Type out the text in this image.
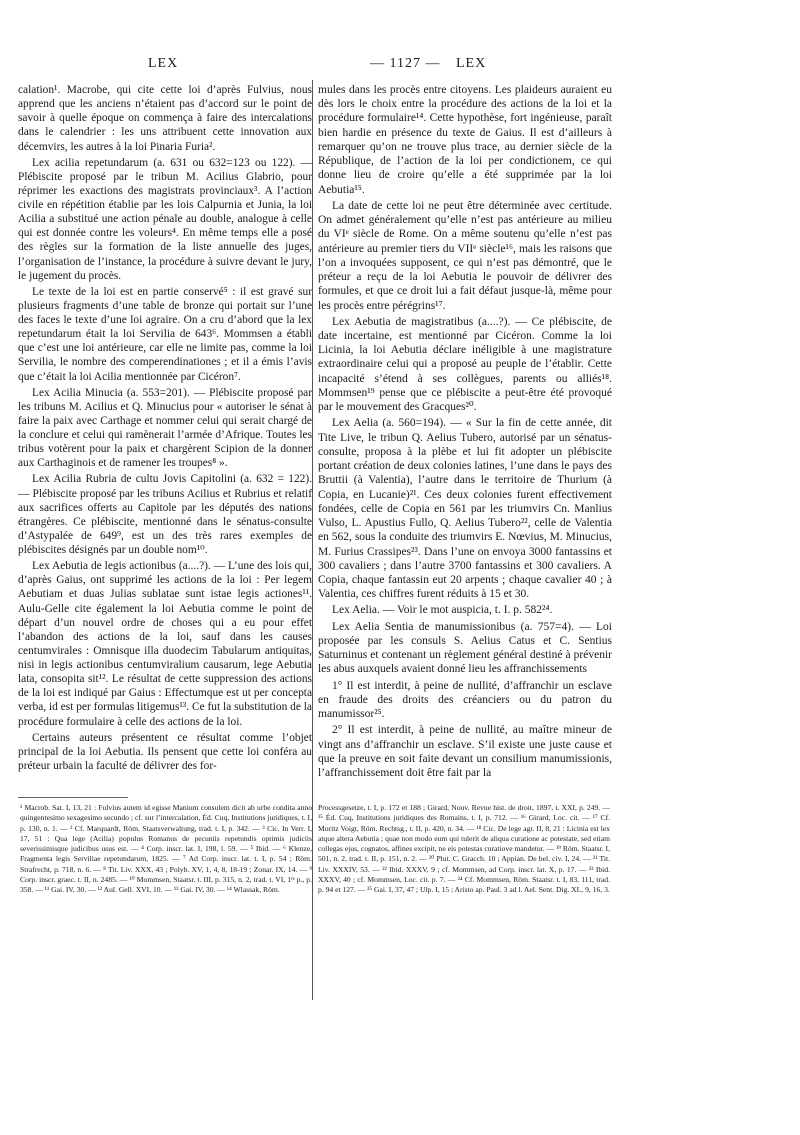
LEX	— 1127 — LEX

calation¹. Macrobe, qui cite cette loi d’après Fulvius, nous apprend que les anciens n’étaient pas d’accord sur le point de savoir à quelle époque on commença à faire des intercalations dans le calendrier : les uns attribuent cette innovation aux décemvirs, les autres à la loi Pinaria Furia².

Lex acilia repetundarum (a. 631 ou 632=123 ou 122). — Plébiscite proposé par le tribun M. Acilius Glabrio, pour réprimer les exactions des magistrats provinciaux³. A l’action civile en répétition établie par les lois Calpurnia et Junia, la loi Acilia a substitué une action pénale au double, analogue à celle qui est donnée contre les voleurs⁴. En même temps elle a posé des règles sur la formation de la liste annuelle des juges, l’organisation de l’instance, la procédure à suivre devant le jury, le jugement du procès.

Le texte de la loi est en partie conservé⁵ : il est gravé sur plusieurs fragments d’une table de bronze qui portait sur l’une des faces le texte d’une loi agraire. On a cru d’abord que la lex repetundarum était la loi Servilia de 643⁶. Mommsen a établi que c’est une loi antérieure, car elle ne limite pas, comme la loi Servilia, le nombre des comperendinationes ; et il a émis l’avis que c’était la loi Acilia mentionnée par Cicéron⁷.

Lex Acilia Minucia (a. 553=201). — Plébiscite proposé par les tribuns M. Acilius et Q. Minucius pour « autoriser le sénat à faire la paix avec Carthage et nommer celui qui serait chargé de la conclure et celui qui ramènerait l’armée d’Afrique. Toutes les tribus votèrent pour la paix et chargèrent Scipion de la donner aux Carthaginois et de ramener les troupes⁸ ».

Lex Acilia Rubria de cultu Jovis Capitolini (a. 632 = 122). — Plébiscite proposé par les tribuns Acilius et Rubrius et relatif aux sacrifices offerts au Capitole par les députés des nations étrangères. Ce plébiscite, mentionné dans le sénatus-consulte d’Astypalée de 649⁹, est un des très rares exemples de plébiscites désignés par un double nom¹⁰.

Lex Aebutia de legis actionibus (a....?). — L’une des lois qui, d’après Gaius, ont supprimé les actions de la loi : Per legem Aebutiam et duas Julias sublatae sunt istae legis actiones¹¹. Aulu-Gelle cite également la loi Aebutia comme le point de départ d’un nouvel ordre de choses qui a eu pour effet l’abandon des actions de la loi, sauf dans les causes centumvirales : Omnisque illa duodecim Tabularum antiquitas, nisi in legis actionibus centumviralium causarum, lege Aebutia lata, consopita sit¹². Le résultat de cette suppression des actions de la loi est indiqué par Gaius : Effectumque est ut per concepta verba, id est per formulas litigemus¹³. Ce fut la substitution de la procédure formulaire à celle des actions de la loi.

Certains auteurs présentent ce résultat comme l’objet principal de la loi Aebutia. Ils pensent que cette loi conféra au préteur urbain la faculté de délivrer des for-

mules dans les procès entre citoyens. Les plaideurs auraient eu dès lors le choix entre la procédure des actions de la loi et la procédure formulaire¹⁴. Cette hypothèse, fort ingénieuse, paraît bien hardie en présence du texte de Gaius. Il est d’ailleurs à remarquer qu’on ne trouve plus trace, au dernier siècle de la République, de l’action de la loi per condictionem, ce qui donne lieu de croire qu’elle a été supprimée par la loi Aebutia¹⁵.

La date de cette loi ne peut être déterminée avec certitude. On admet généralement qu’elle n’est pas antérieure au milieu du VIᵉ siècle de Rome. On a même soutenu qu’elle n’est pas antérieure au premier tiers du VIIᵉ siècle¹⁶, mais les raisons que l’on a invoquées supposent, ce qui n’est pas démontré, que le préteur a reçu de la loi Aebutia le pouvoir de délivrer des formules, et que ce droit lui a fait défaut jusque-là, même pour les procès entre pérégrins¹⁷.

Lex Aebutia de magistratibus (a....?). — Ce plébiscite, de date incertaine, est mentionné par Cicéron. Comme la loi Licinia, la loi Aebutia déclare inéligible à une magistrature extraordinaire celui qui a proposé au peuple de l’établir. Cette incapacité s’étend à ses collègues, parents ou alliés¹⁸. Mommsen¹⁹ pense que ce plébiscite a peut-être été provoqué par le mouvement des Gracques²⁰.

Lex Aelia (a. 560=194). — « Sur la fin de cette année, dit Tite Live, le tribun Q. Aelius Tubero, autorisé par un sénatus-consulte, proposa à la plèbe et lui fit adopter un plébiscite portant création de deux colonies latines, l’une dans le pays des Bruttii (à Valentia), l’autre dans le territoire de Thurium (à Copia, en Lucanie)²¹. Ces deux colonies furent effectivement fondées, celle de Copia en 561 par les triumvirs Cn. Manlius Vulso, L. Apustius Fullo, Q. Aelius Tubero²², celle de Valentia en 562, sous la conduite des triumvirs E. Nœvius, M. Minucius, M. Furius Crassipes²³. Dans l’une on envoya 3000 fantassins et 300 cavaliers ; dans l’autre 3700 fantassins et 300 cavaliers. A Copia, chaque fantassin eut 20 arpents ; chaque cavalier 40 ; à Valentia, ces chiffres furent réduits à 15 et 30.

Lex Aelia. — Voir le mot auspicia, t. I. p. 582²⁴.

Lex Aelia Sentia de manumissionibus (a. 757=4). — Loi proposée par les consuls S. Aelius Catus et C. Sentius Saturninus et contenant un règlement général destiné à prévenir les abus auxquels avaient donné lieu les affranchissements

1° Il est interdit, à peine de nullité, d’affranchir un esclave en fraude des droits des créanciers ou du patron du manumissor²⁵.

2° Il est interdit, à peine de nullité, au maître mineur de vingt ans d’affranchir un esclave. S’il existe une juste cause et que la preuve en soit faite devant un consilium manumissionis, l’affranchissement doit être fait par la

¹ Macrob. Sat. I, 13, 21 : Fulvius autem id egisse Manium consulem dicit ab urbe condita anno quingentesimo sexagesimo secundo ; cf. sur l’intercalation, Éd. Cuq, Institutions juridiques, t. I, p. 130, n. 1. — ² Cf. Marquardt, Röm. Staatsverwaltung, trad. t. I, p. 342. — ³ Cic. In Verr. I, 17, 51 : Qua lege (Acilia) populus Romanus de pecuniis repetundis optimis judiciis severissimisque judicibus usus est. — ⁴ Corp. inscr. lat. I, 198, l. 59. — ⁵ Ibid. — ⁶ Klenze, Fragmenta legis Serviliae repetundarum, 1825. — ⁷ Ad Corp. inscr. lat. t. I, p. 54 ; Röm. Strafrecht, p. 718, n. 6. — ⁸ Tit. Liv. XXX, 43 ; Polyb. XV, 1, 4, 8, 18-19 ; Zonar. IX, 14. — ⁹ Corp. inscr. graec. t. II, n. 2485. — ¹⁰ Mommsen, Staatsr. t. III, p. 315, n. 2, trad. t. VI, 1ʳᵉ p., p. 358. — ¹¹ Gai. IV, 30. — ¹² Aul. Gell. XVI, 10. — ¹³ Gai. IV, 30. — ¹⁴ Wlassak, Röm.
Processgesetze, t. I, p. 172 et 188 ; Girard, Nouv. Revue hist. de droit, 1897, t. XXI, p. 249. — ¹⁵ Éd. Cuq, Institutions juridiques des Romains, t. I, p. 712. — ¹⁶ Girard, Loc. cit. — ¹⁷ Cf. Moritz Voigt, Röm. Rechtsg., t. II, p. 420, n. 34. — ¹⁸ Cic. De lege agr. II, 8, 21 : Licinia est lex atque altera Aebutia ; quae non modo eum qui tulerit de aliqua curatione ac potestate, sed etiam collegas ejus, cognatos, affines excipit, ne eis potestas curatiove mandetur. — ¹⁹ Röm. Staatsr. I, 501, n. 2, trad. t. II, p. 151, n. 2. — ²⁰ Plut. C. Gracch. 10 ; Appian. De bel. civ. I, 24. — ²¹ Tit. Liv. XXXIV, 53. — ²² Ibid. XXXV, 9 ; cf. Mommsen, ad Corp. inscr. lat. X, p. 17. — ²³ Ibid. XXXV, 40 ; cf. Mommsen, Loc. cit. p. 7. — ²⁴ Cf. Mommsen, Röm. Staatsr. t. I, 83, 111, trad. p. 94 et 127. — ²⁵ Gai. I, 37, 47 ; Ulp. I, 15 ; Aristo ap. Paul. 3 ad l. Ael. Sent. Dig. XL, 9, 16, 3.
